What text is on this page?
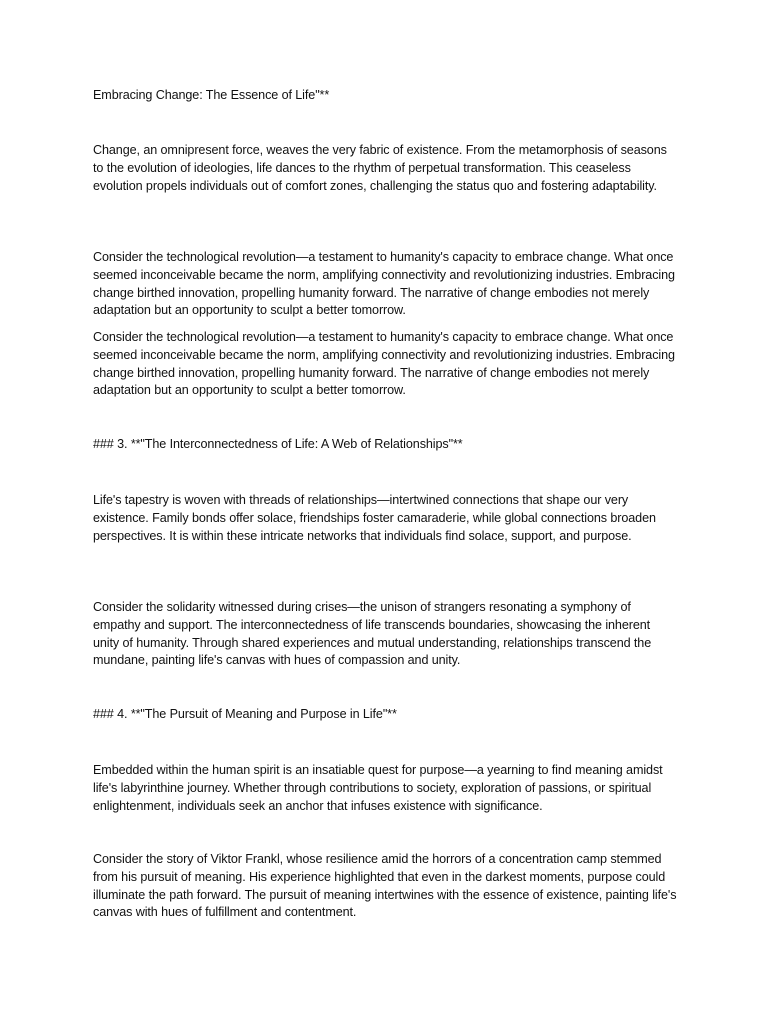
Embracing Change: The Essence of Life"**

Change, an omnipresent force, weaves the very fabric of existence. From the metamorphosis of seasons to the evolution of ideologies, life dances to the rhythm of perpetual transformation. This ceaseless evolution propels individuals out of comfort zones, challenging the status quo and fostering adaptability.

Consider the technological revolution—a testament to humanity's capacity to embrace change. What once seemed inconceivable became the norm, amplifying connectivity and revolutionizing industries. Embracing change birthed innovation, propelling humanity forward. The narrative of change embodies not merely adaptation but an opportunity to sculpt a better tomorrow.

Consider the technological revolution—a testament to humanity's capacity to embrace change. What once seemed inconceivable became the norm, amplifying connectivity and revolutionizing industries. Embracing change birthed innovation, propelling humanity forward. The narrative of change embodies not merely adaptation but an opportunity to sculpt a better tomorrow.

### 3. **"The Interconnectedness of Life: A Web of Relationships"**

Life's tapestry is woven with threads of relationships—intertwined connections that shape our very existence. Family bonds offer solace, friendships foster camaraderie, while global connections broaden perspectives. It is within these intricate networks that individuals find solace, support, and purpose.

Consider the solidarity witnessed during crises—the unison of strangers resonating a symphony of empathy and support. The interconnectedness of life transcends boundaries, showcasing the inherent unity of humanity. Through shared experiences and mutual understanding, relationships transcend the mundane, painting life's canvas with hues of compassion and unity.

### 4. **"The Pursuit of Meaning and Purpose in Life"**

Embedded within the human spirit is an insatiable quest for purpose—a yearning to find meaning amidst life's labyrinthine journey. Whether through contributions to society, exploration of passions, or spiritual enlightenment, individuals seek an anchor that infuses existence with significance.

Consider the story of Viktor Frankl, whose resilience amid the horrors of a concentration camp stemmed from his pursuit of meaning. His experience highlighted that even in the darkest moments, purpose could illuminate the path forward. The pursuit of meaning intertwines with the essence of existence, painting life's canvas with hues of fulfillment and contentment.
